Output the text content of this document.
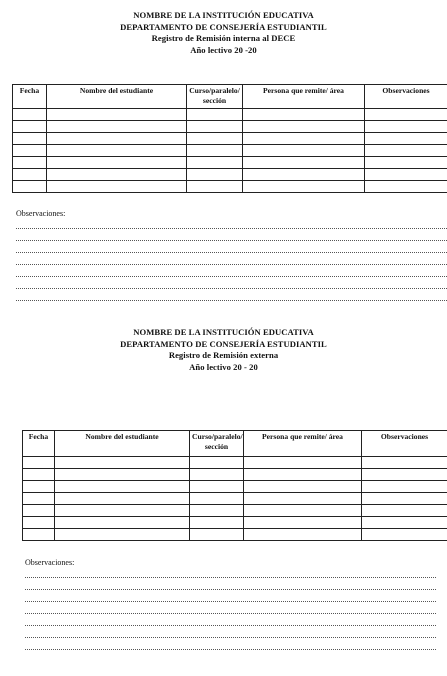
NOMBRE DE LA INSTITUCIÓN EDUCATIVA
DEPARTAMENTO DE CONSEJERÍA ESTUDIANTIL
Registro de Remisión interna al DECE
Año lectivo 20 -20
Fecha	Nombre del estudiante	Curso/paralelo/ sección	Persona que remite/ área	Observaciones

Observaciones:
NOMBRE DE LA INSTITUCIÓN EDUCATIVA
DEPARTAMENTO DE CONSEJERÍA ESTUDIANTIL
Registro de Remisión externa
Año lectivo 20 - 20
Fecha	Nombre del estudiante	Curso/paralelo/ sección	Persona que remite/ área	Observaciones

Observaciones:
